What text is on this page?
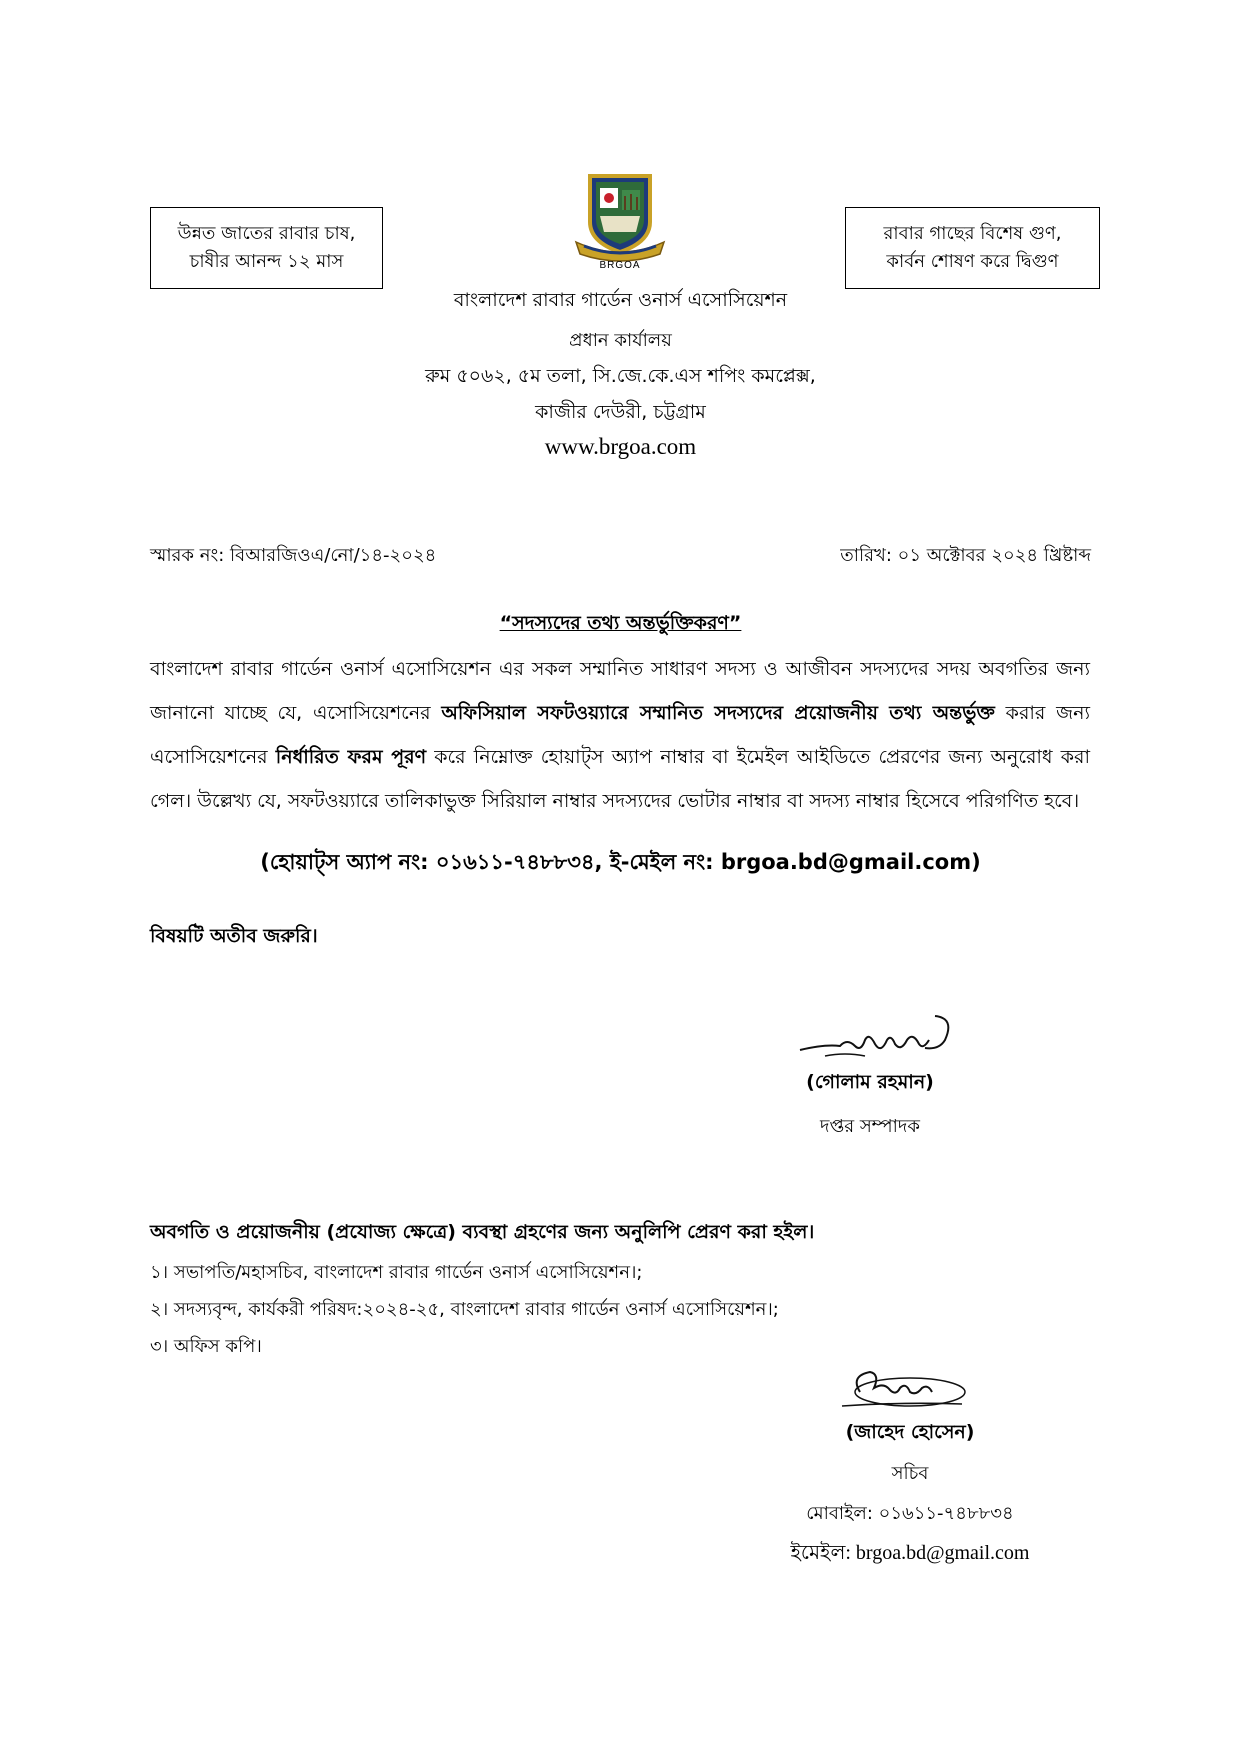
উন্নত জাতের রাবার চাষ,
চাষীর আনন্দ ১২ মাস
রাবার গাছের বিশেষ গুণ,
কার্বন শোষণ করে দ্বিগুণ
BRGOA
বাংলাদেশ রাবার গার্ডেন ওনার্স এসোসিয়েশন
প্রধান কার্যালয়
রুম ৫০৬২, ৫ম তলা, সি.জে.কে.এস শপিং কমপ্লেক্স,
কাজীর দেউরী, চট্টগ্রাম
www.brgoa.com
স্মারক নং: বিআরজিওএ/নো/১৪-২০২৪	তারিখ: ০১ অক্টোবর ২০২৪ খ্রিষ্টাব্দ
“সদস্যদের তথ্য অন্তর্ভুক্তিকরণ”
বাংলাদেশ রাবার গার্ডেন ওনার্স এসোসিয়েশন এর সকল সম্মানিত সাধারণ সদস্য ও আজীবন সদস্যদের সদয় অবগতির জন্য জানানো যাচ্ছে যে, এসোসিয়েশনের অফিসিয়াল সফটওয়্যারে সম্মানিত সদস্যদের প্রয়োজনীয় তথ্য অন্তর্ভুক্ত করার জন্য এসোসিয়েশনের নির্ধারিত ফরম পূরণ করে নিম্নোক্ত হোয়াট্স অ্যাপ নাম্বার বা ইমেইল আইডিতে প্রেরণের জন্য অনুরোধ করা গেল। উল্লেখ্য যে, সফটওয়্যারে তালিকাভুক্ত সিরিয়াল নাম্বার সদস্যদের ভোটার নাম্বার বা সদস্য নাম্বার হিসেবে পরিগণিত হবে।
(হোয়াট্স অ্যাপ নং: ০১৬১১-৭৪৮৮৩৪, ই-মেইল নং: brgoa.bd@gmail.com)
বিষয়টি অতীব জরুরি।
(গোলাম রহমান)
দপ্তর সম্পাদক
অবগতি ও প্রয়োজনীয় (প্রযোজ্য ক্ষেত্রে) ব্যবস্থা গ্রহণের জন্য অনুলিপি প্রেরণ করা হইল।
১। সভাপতি/মহাসচিব, বাংলাদেশ রাবার গার্ডেন ওনার্স এসোসিয়েশন।;
২। সদস্যবৃন্দ, কার্যকরী পরিষদ:২০২৪-২৫, বাংলাদেশ রাবার গার্ডেন ওনার্স এসোসিয়েশন।;
৩। অফিস কপি।
(জাহেদ হোসেন)
সচিব
মোবাইল: ০১৬১১-৭৪৮৮৩৪
ইমেইল: brgoa.bd@gmail.com
